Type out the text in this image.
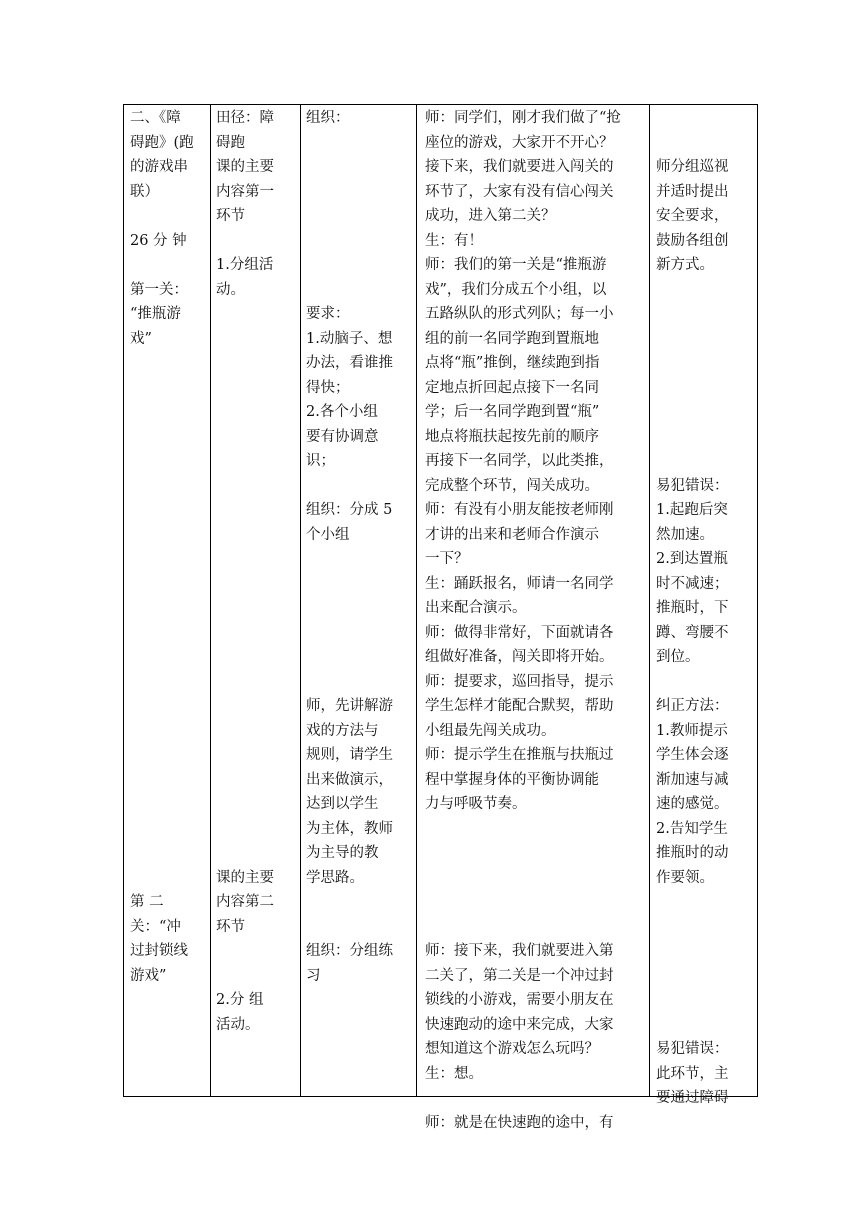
二、《障
碍跑》(跑
的游戏串
联）
26 分 钟
第一关：
“推瓶游
戏”
第 二
关：“冲
过封锁线
游戏”
田径：障
碍跑
课的主要
内容第一
环节
1.分组活
动。
课的主要
内容第二
环节
2.分 组
活动。
组织：
要求：
1.动脑子、想
办法，看谁推
得快；
2.各个小组
要有协调意
识；
组织：分成 5
个小组
师，先讲解游
戏的方法与
规则，请学生
出来做演示，
达到以学生
为主体，教师
为主导的教
学思路。
组织：分组练
习
师：同学们，刚才我们做了“抢
座位的游戏，大家开不开心？
接下来，我们就要进入闯关的
环节了，大家有没有信心闯关
成功，进入第二关？
生：有！
师：我们的第一关是“推瓶游
戏”，我们分成五个小组，以
五路纵队的形式列队；每一小
组的前一名同学跑到置瓶地
点将“瓶”推倒，继续跑到指
定地点折回起点接下一名同
学；后一名同学跑到置“瓶”
地点将瓶扶起按先前的顺序
再接下一名同学，以此类推，
完成整个环节，闯关成功。
师：有没有小朋友能按老师刚
才讲的出来和老师合作演示
一下？
生：踊跃报名，师请一名同学
出来配合演示。
师：做得非常好，下面就请各
组做好准备，闯关即将开始。
师：提要求，巡回指导，提示
学生怎样才能配合默契，帮助
小组最先闯关成功。
师：提示学生在推瓶与扶瓶过
程中掌握身体的平衡协调能
力与呼吸节奏。
师：接下来，我们就要进入第
二关了，第二关是一个冲过封
锁线的小游戏，需要小朋友在
快速跑动的途中来完成，大家
想知道这个游戏怎么玩吗？
生：想。
师：就是在快速跑的途中，有
师分组巡视
并适时提出
安全要求，
鼓励各组创
新方式。
易犯错误：
1.起跑后突
然加速。
2.到达置瓶
时不减速；
推瓶时，下
蹲、弯腰不
到位。
纠正方法：
1.教师提示
学生体会逐
渐加速与减
速的感觉。
2.告知学生
推瓶时的动
作要领。
易犯错误：
此环节，主
要通过障碍
